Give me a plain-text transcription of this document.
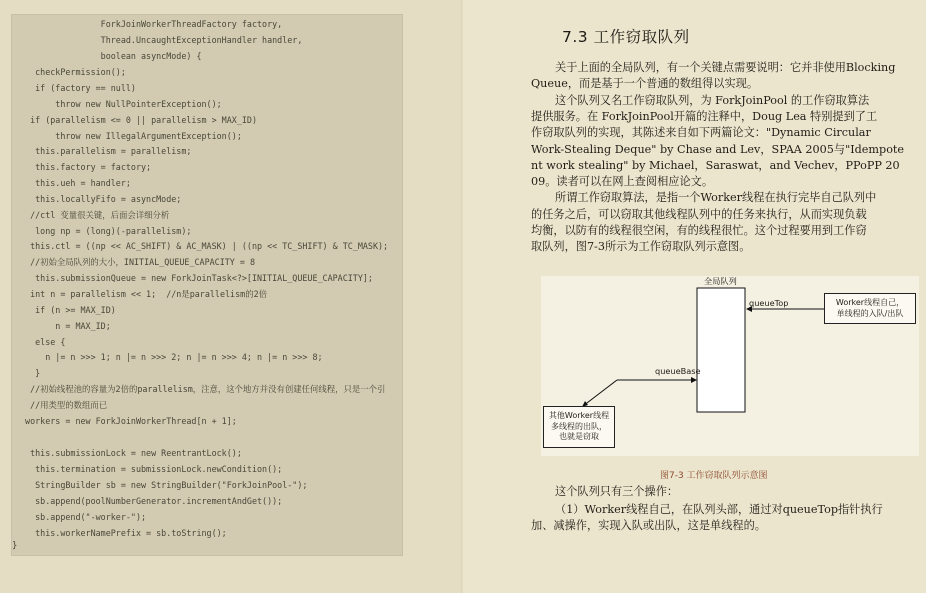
ForkJoinWorkerThreadFactory factory,
Thread.UncaughtExceptionHandler handler,
boolean asyncMode) {
checkPermission();
if (factory == null)
throw new NullPointerException();
if (parallelism <= 0 || parallelism > MAX_ID)
throw new IllegalArgumentException();
this.parallelism = parallelism;
this.factory = factory;
this.ueh = handler;
this.locallyFifo = asyncMode;
//ctl 变量很关键，后面会详细分析
long np = (long)(-parallelism);
this.ctl = ((np << AC_SHIFT) & AC_MASK) | ((np << TC_SHIFT) & TC_MASK);
//初始全局队列的大小，INITIAL_QUEUE_CAPACITY = 8
this.submissionQueue = new ForkJoinTask<?>[INITIAL_QUEUE_CAPACITY];
int n = parallelism << 1;  //n是parallelism的2倍
if (n >= MAX_ID)
n = MAX_ID;
else {
n |= n >>> 1; n |= n >>> 2; n |= n >>> 4; n |= n >>> 8;
}
//初始线程池的容量为2倍的parallelism，注意，这个地方并没有创建任何线程，只是一个引
//用类型的数组而已
workers = new ForkJoinWorkerThread[n + 1];
this.submissionLock = new ReentrantLock();
this.termination = submissionLock.newCondition();
StringBuilder sb = new StringBuilder("ForkJoinPool-");
sb.append(poolNumberGenerator.incrementAndGet());
sb.append("-worker-");
this.workerNamePrefix = sb.toString();
}
7.3 工作窃取队列
关于上面的全局队列，有一个关键点需要说明：它并非使用Blocking
Queue，而是基于一个普通的数组得以实现。
这个队列又名工作窃取队列，为 ForkJoinPool 的工作窃取算法
提供服务。在 ForkJoinPool开篇的注释中，Doug Lea 特别提到了工
作窃取队列的实现，其陈述来自如下两篇论文："Dynamic Circular
Work-Stealing Deque" by Chase and Lev，SPAA 2005与"Idempote
nt work stealing" by Michael，Saraswat，and Vechev，PPoPP 20
09。读者可以在网上查阅相应论文。
所谓工作窃取算法，是指一个Worker线程在执行完毕自己队列中
的任务之后，可以窃取其他线程队列中的任务来执行，从而实现负载
均衡，以防有的线程很空闲，有的线程很忙。这个过程要用到工作窃
取队列，图7-3所示为工作窃取队列示意图。
这个队列只有三个操作：
（1）Worker线程自己，在队列头部，通过对queueTop指针执行
加、减操作，实现入队或出队，这是单线程的。
全局队列
queueTop
queueBase
Worker线程自己，
单线程的入队/出队
其他Worker线程
多线程的出队，
也就是窃取
图7-3 工作窃取队列示意图
